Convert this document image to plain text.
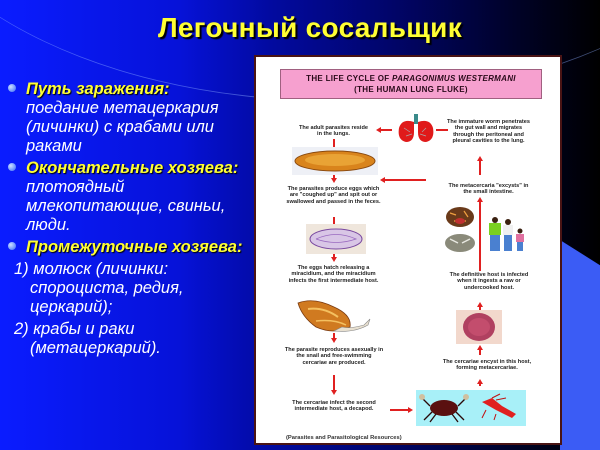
Легочный сосальщик
Путь заражения:
поедание метацеркария (личинки) с крабами или раками
Окончательные хозяева:
плотоядный млекопитающие, свиньи, люди.
Промежуточные хозяева:
1) молюск (личинки:
спороциста, редия,
церкарий);
2) крабы и раки
(метацеркарий).
THE LIFE CYCLE OF PARAGONIMUS WESTERMANI
(THE HUMAN LUNG FLUKE)
The adult parasites reside in the lungs.
The parasites produce eggs which are "coughed up" and spit out or swallowed and passed in the feces.
The eggs hatch releasing a miracidium, and the miracidium infects the first intermediate host.
The parasite reproduces asexually in the snail and free-swimming cercariae are produced.
The cercariae infect the second intermediate host, a decapod.
The immature worm penetrates the gut wall and migrates through the peritoneal and pleural cavities to the lung.
The metacercaria "excysts" in the small intestine.
The definitive host is infected when it ingests a raw or undercooked host.
The cercariae encyst in this host, forming metacercariae.
(Parasites and Parasitological Resources)
